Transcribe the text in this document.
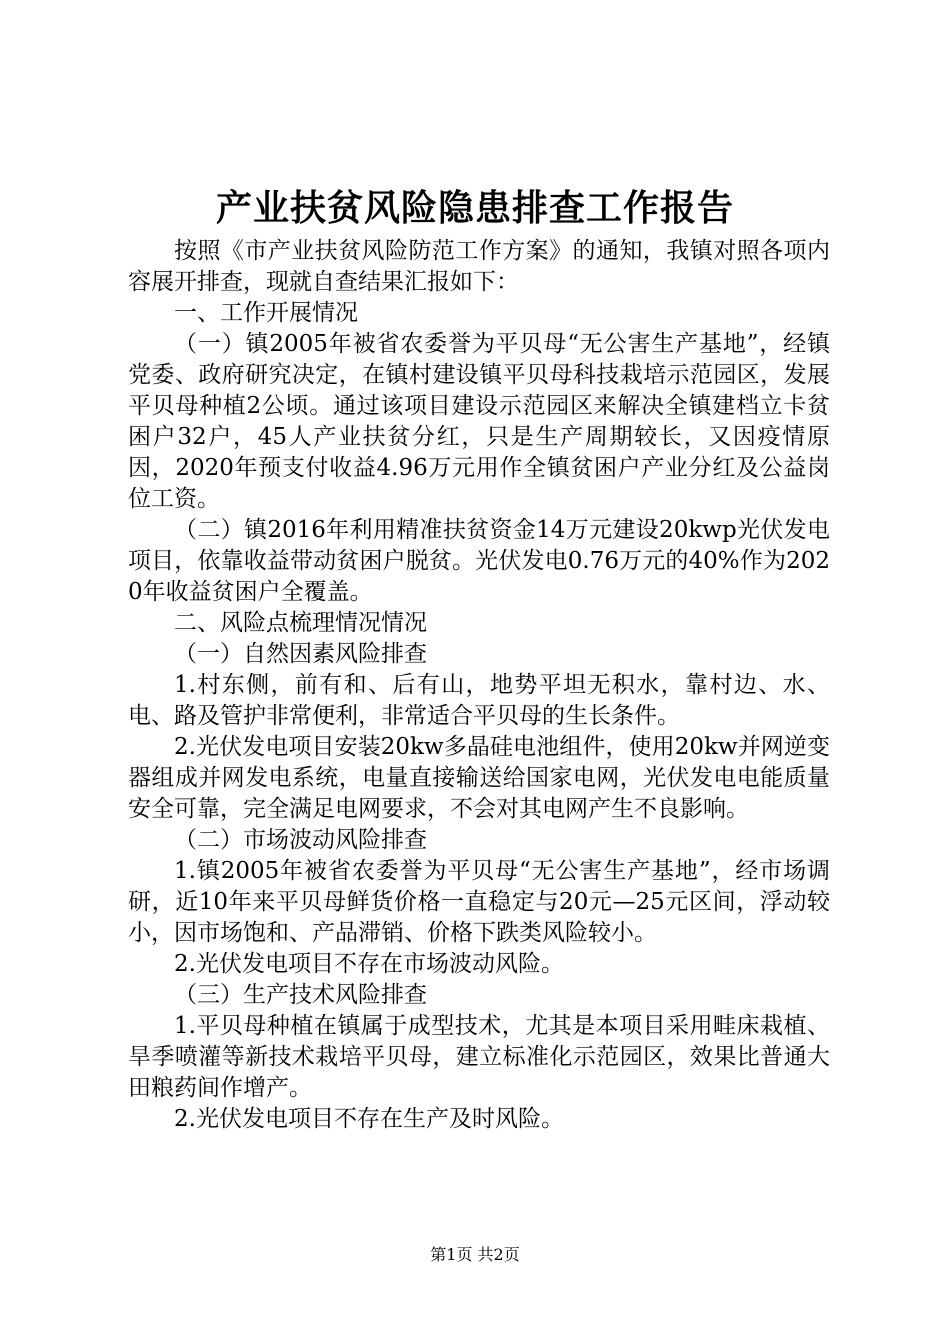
产业扶贫风险隐患排查工作报告

按照《市产业扶贫风险防范工作方案》的通知，我镇对照各项内容展开排查，现就自查结果汇报如下：

一、工作开展情况

（一）镇2005年被省农委誉为平贝母“无公害生产基地”，经镇党委、政府研究决定，在镇村建设镇平贝母科技栽培示范园区，发展平贝母种植2公顷。通过该项目建设示范园区来解决全镇建档立卡贫困户32户，45人产业扶贫分红，只是生产周期较长，又因疫情原因，2020年预支付收益4.96万元用作全镇贫困户产业分红及公益岗位工资。

（二）镇2016年利用精准扶贫资金14万元建设20kwp光伏发电项目，依靠收益带动贫困户脱贫。光伏发电0.76万元的40%作为2020年收益贫困户全覆盖。

二、风险点梳理情况情况

（一）自然因素风险排查

1.村东侧，前有和、后有山，地势平坦无积水，靠村边、水、电、路及管护非常便利，非常适合平贝母的生长条件。

2.光伏发电项目安装20kw多晶硅电池组件，使用20kw并网逆变器组成并网发电系统，电量直接输送给国家电网，光伏发电电能质量安全可靠，完全满足电网要求，不会对其电网产生不良影响。

（二）市场波动风险排查

1.镇2005年被省农委誉为平贝母“无公害生产基地”，经市场调研，近10年来平贝母鲜货价格一直稳定与20元—25元区间，浮动较小，因市场饱和、产品滞销、价格下跌类风险较小。

2.光伏发电项目不存在市场波动风险。

（三）生产技术风险排查

1.平贝母种植在镇属于成型技术，尤其是本项目采用畦床栽植、旱季喷灌等新技术栽培平贝母，建立标准化示范园区，效果比普通大田粮药间作增产。

2.光伏发电项目不存在生产及时风险。

第1页 共2页
